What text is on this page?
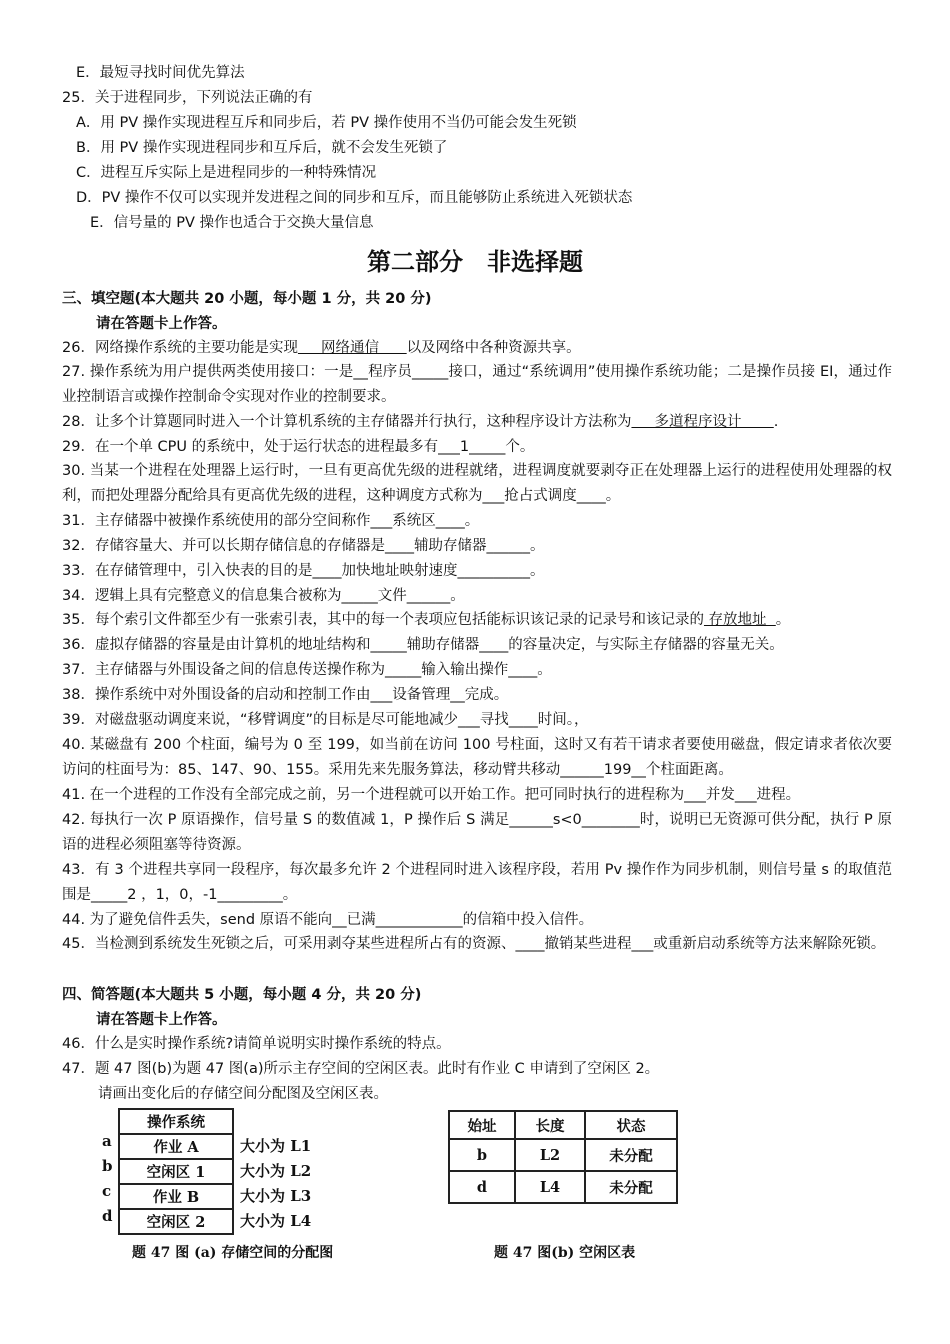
E．最短寻找时间优先算法
25．关于进程同步，下列说法正确的有
A．用 PV 操作实现进程互斥和同步后，若 PV 操作使用不当仍可能会发生死锁
B．用 PV 操作实现进程同步和互斥后，就不会发生死锁了
C．进程互斥实际上是进程同步的一种特殊情况
D．PV 操作不仅可以实现并发进程之间的同步和互斥，而且能够防止系统进入死锁状态
E．信号量的 PV 操作也适合于交换大量信息
第二部分　非选择题
三、填空题(本大题共 20 小题，每小题 1 分，共 20 分)
请在答题卡上作答。
26．网络操作系统的主要功能是实现     网络通信      以及网络中各种资源共享。
27. 操作系统为用户提供两类使用接口：一是__程序员_____接口，通过“系统调用”使用操作系统功能；二是操作员接 EI，通过作业控制语言或操作控制命令实现对作业的控制要求。
28．让多个计算题同时进入一个计算机系统的主存储器并行执行，这种程序设计方法称为     多道程序设计       .
29．在一个单 CPU 的系统中，处于运行状态的进程最多有___1_____个。
30. 当某一个进程在处理器上运行时，一旦有更高优先级的进程就绪，进程调度就要剥夺正在处理器上运行的进程使用处理器的权利，而把处理器分配给具有更高优先级的进程，这种调度方式称为___抢占式调度____。
31．主存储器中被操作系统使用的部分空间称作___系统区____。
32．存储容量大、并可以长期存储信息的存储器是____辅助存储器______。
33．在存储管理中，引入快表的目的是____加快地址映射速度__________。
34．逻辑上具有完整意义的信息集合被称为_____文件______。
35．每个索引文件都至少有一张索引表，其中的每一个表项应包括能标识该记录的记录号和该记录的 存放地址  。
36．虚拟存储器的容量是由计算机的地址结构和_____辅助存储器____的容量决定，与实际主存储器的容量无关。
37．主存储器与外围设备之间的信息传送操作称为_____输入输出操作____。
38．操作系统中对外围设备的启动和控制工作由___设备管理__完成。
39．对磁盘驱动调度来说，“移臂调度”的目标是尽可能地减少___寻找____时间。，
40. 某磁盘有 200 个柱面，编号为 0 至 199，如当前在访问 100 号柱面，这时又有若干请求者要使用磁盘，假定请求者依次要访问的柱面号为：85、147、90、155。采用先来先服务算法，移动臂共移动______199__个柱面距离。
41. 在一个进程的工作没有全部完成之前，另一个进程就可以开始工作。把可同时执行的进程称为___并发___进程。
42. 每执行一次 P 原语操作，信号量 S 的数值减 1，P 操作后 S 满足______s<0________时，说明已无资源可供分配，执行 P 原语的进程必须阻塞等待资源。
43．有 3 个进程共享同一段程序，每次最多允许 2 个进程同时进入该程序段，若用 Pv 操作作为同步机制，则信号量 s 的取值范围是_____2 ，1，0，-1_________。
44. 为了避免信件丢失，send 原语不能向__已满____________的信箱中投入信件。
45．当检测到系统发生死锁之后，可采用剥夺某些进程所占有的资源、____撤销某些进程___或重新启动系统等方法来解除死锁。
四、简答题(本大题共 5 小题，每小题 4 分，共 20 分)
请在答题卡上作答。
46．什么是实时操作系统?请简单说明实时操作系统的特点。
47．题 47 图(b)为题 47 图(a)所示主存空间的空闲区表。此时有作业 C 申请到了空闲区 2。
请画出变化后的存储空间分配图及空闲区表。
a
b
c
d
操作系统
作业 A
空闲区 1
作业 B
空闲区 2
大小为 L1
大小为 L2
大小为 L3
大小为 L4
题 47 图 (a) 存储空间的分配图
始址	长度	状态
b	L2	未分配
d	L4	未分配
题 47 图(b) 空闲区表
